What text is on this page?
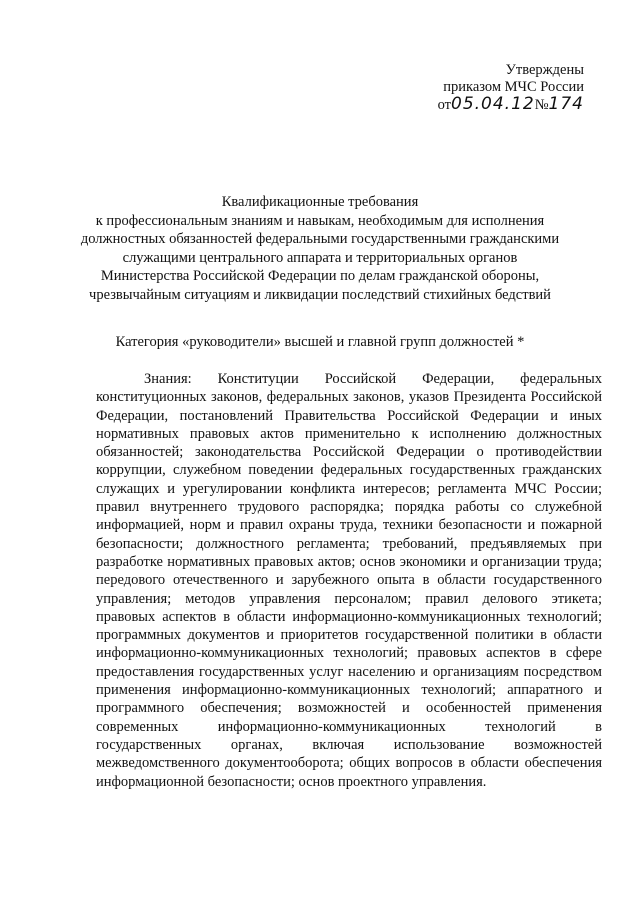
Утверждены
приказом МЧС России
от05.04.12№174
Квалификационные требования
к профессиональным знаниям и навыкам, необходимым для исполнения
должностных обязанностей федеральными государственными гражданскими
служащими центрального аппарата и территориальных органов
Министерства Российской Федерации по делам гражданской обороны,
чрезвычайным ситуациям и ликвидации последствий стихийных бедствий
Категория «руководители» высшей и главной групп должностей *

Знания: Конституции Российской Федерации, федеральных конституционных законов, федеральных законов, указов Президента Российской Федерации, постановлений Правительства Российской Федерации и иных нормативных правовых актов применительно к исполнению должностных обязанностей; законодательства Российской Федерации о противодействии коррупции, служебном поведении федеральных государственных гражданских служащих и урегулировании конфликта интересов; регламента МЧС России; правил внутреннего трудового распорядка; порядка работы со служебной информацией, норм и правил охраны труда, техники безопасности и пожарной безопасности; должностного регламента; требований, предъявляемых при разработке нормативных правовых актов; основ экономики и организации труда; передового отечественного и зарубежного опыта в области государственного управления; методов управления персоналом; правил делового этикета; правовых аспектов в области информационно-коммуникационных технологий; программных документов и приоритетов государственной политики в области информационно-коммуникационных технологий; правовых аспектов в сфере предоставления государственных услуг населению и организациям посредством применения информационно-коммуникационных технологий; аппаратного и программного обеспечения; возможностей и особенностей применения современных информационно-коммуникационных технологий в государственных органах, включая использование возможностей межведомственного документооборота; общих вопросов в области обеспечения информационной безопасности; основ проектного управления.
